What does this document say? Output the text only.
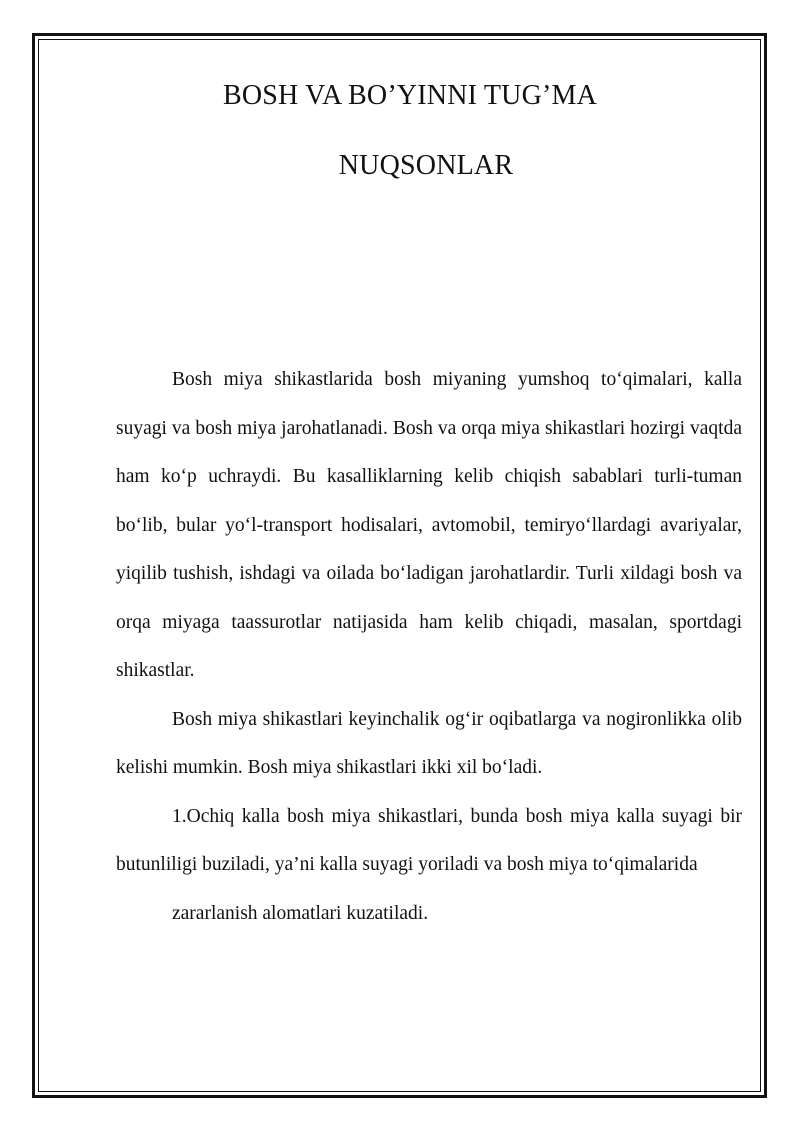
BOSH VA BO’YINNI TUG’MA
NUQSONLAR

Bosh miya shikastlarida bosh miyaning yumshoq to‘qimalari, kalla suyagi va bosh miya jarohatlanadi. Bosh va orqa miya shikastlari hozirgi vaqtda ham ko‘p uchraydi. Bu kasalliklarning kelib chiqish sabablari turli-tuman bo‘lib, bular yo‘l-transport hodisalari, avtomobil, temiryo‘llardagi avariyalar, yiqilib tushish, ishdagi va oilada bo‘ladigan jarohatlardir. Turli xildagi bosh va orqa miyaga taassurotlar natijasida ham kelib chiqadi, masalan, sportdagi shikastlar.

Bosh miya shikastlari keyinchalik og‘ir oqibatlarga va nogironlikka olib kelishi mumkin. Bosh miya shikastlari ikki xil bo‘ladi.

1.Ochiq kalla bosh miya shikastlari, bunda bosh miya kalla suyagi bir butunliligi buziladi, ya’ni kalla suyagi yoriladi va bosh miya to‘qimalarida

zararlanish alomatlari kuzatiladi.
